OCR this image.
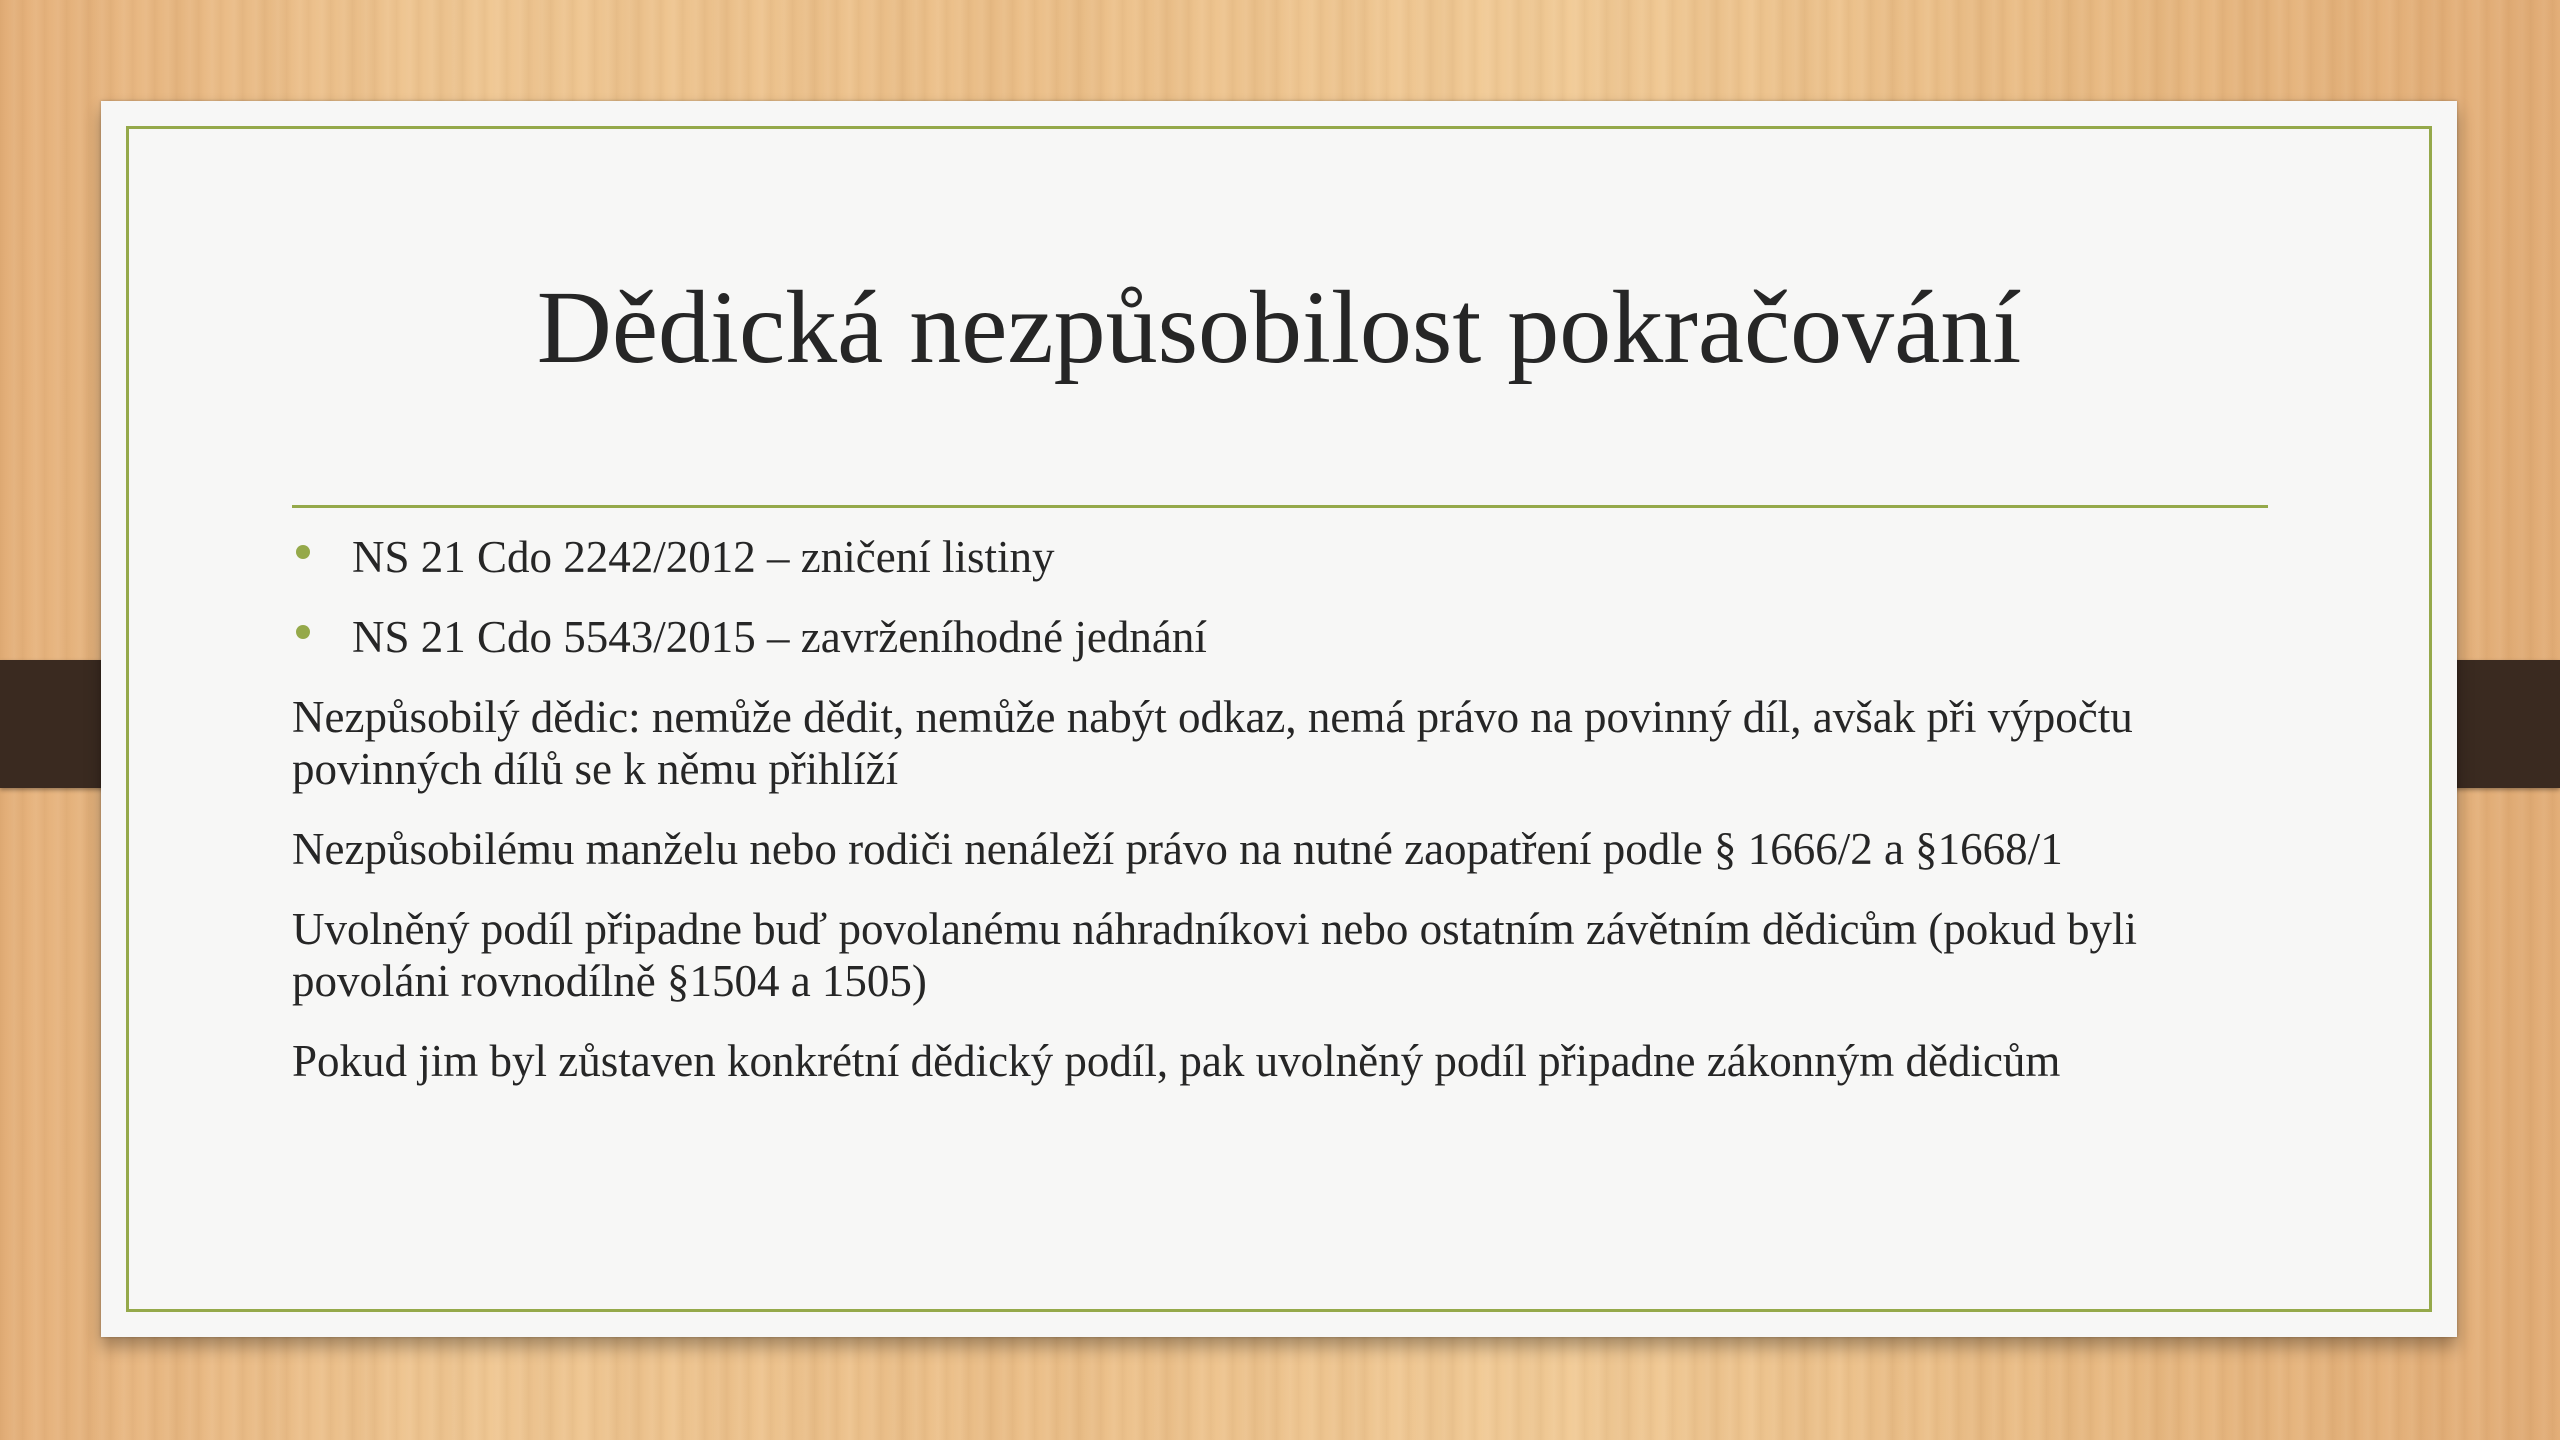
Dědická nezpůsobilost pokračování
NS 21 Cdo 2242/2012 – zničení listiny
NS 21 Cdo 5543/2015 – zavrženíhodné jednání
Nezpůsobilý dědic: nemůže dědit, nemůže nabýt odkaz, nemá právo na povinný díl, avšak při výpočtu povinných dílů se k němu přihlíží
Nezpůsobilému manželu nebo rodiči nenáleží právo na nutné zaopatření podle § 1666/2 a §1668/1
Uvolněný podíl připadne buď povolanému náhradníkovi nebo ostatním závětním dědicům (pokud byli povoláni rovnodílně §1504 a 1505)
Pokud jim byl zůstaven konkrétní dědický podíl, pak uvolněný podíl připadne zákonným dědicům
